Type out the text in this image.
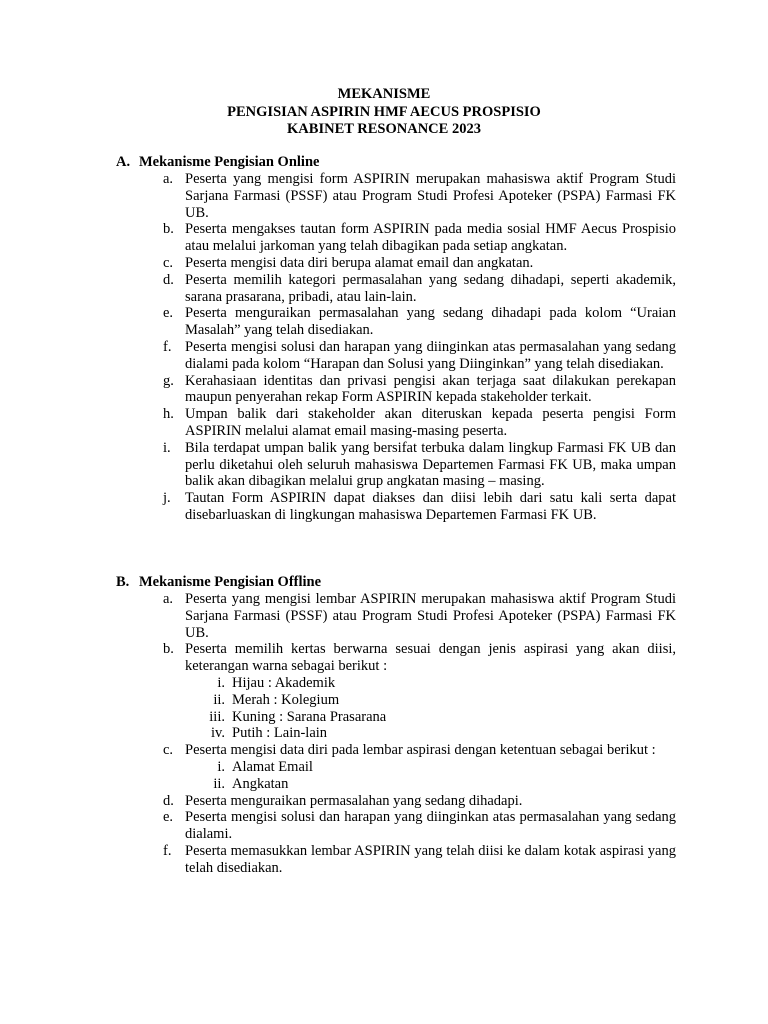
MEKANISME
PENGISIAN ASPIRIN HMF AECUS PROSPISIO
KABINET RESONANCE 2023
A. Mekanisme Pengisian Online
a. Peserta yang mengisi form ASPIRIN merupakan mahasiswa aktif Program Studi Sarjana Farmasi (PSSF) atau Program Studi Profesi Apoteker (PSPA) Farmasi FK UB.
b. Peserta mengakses tautan form ASPIRIN pada media sosial HMF Aecus Prospisio atau melalui jarkoman yang telah dibagikan pada setiap angkatan.
c. Peserta mengisi data diri berupa alamat email dan angkatan.
d. Peserta memilih kategori permasalahan yang sedang dihadapi, seperti akademik, sarana prasarana, pribadi, atau lain-lain.
e. Peserta menguraikan permasalahan yang sedang dihadapi pada kolom “Uraian Masalah” yang telah disediakan.
f. Peserta mengisi solusi dan harapan yang diinginkan atas permasalahan yang sedang dialami pada kolom “Harapan dan Solusi yang Diinginkan” yang telah disediakan.
g. Kerahasiaan identitas dan privasi pengisi akan terjaga saat dilakukan perekapan maupun penyerahan rekap Form ASPIRIN kepada stakeholder terkait.
h. Umpan balik dari stakeholder akan diteruskan kepada peserta pengisi Form ASPIRIN melalui alamat email masing-masing peserta.
i. Bila terdapat umpan balik yang bersifat terbuka dalam lingkup Farmasi FK UB dan perlu diketahui oleh seluruh mahasiswa Departemen Farmasi FK UB, maka umpan balik akan dibagikan melalui grup angkatan masing – masing.
j. Tautan Form ASPIRIN dapat diakses dan diisi lebih dari satu kali serta dapat disebarluaskan di lingkungan mahasiswa Departemen Farmasi FK UB.
B. Mekanisme Pengisian Offline
a. Peserta yang mengisi lembar ASPIRIN merupakan mahasiswa aktif Program Studi Sarjana Farmasi (PSSF) atau Program Studi Profesi Apoteker (PSPA) Farmasi FK UB.
b. Peserta memilih kertas berwarna sesuai dengan jenis aspirasi yang akan diisi, keterangan warna sebagai berikut :
i. Hijau : Akademik
ii. Merah : Kolegium
iii. Kuning : Sarana Prasarana
iv. Putih : Lain-lain
c. Peserta mengisi data diri pada lembar aspirasi dengan ketentuan sebagai berikut :
i. Alamat Email
ii. Angkatan
d. Peserta menguraikan permasalahan yang sedang dihadapi.
e. Peserta mengisi solusi dan harapan yang diinginkan atas permasalahan yang sedang dialami.
f. Peserta memasukkan lembar ASPIRIN yang telah diisi ke dalam kotak aspirasi yang telah disediakan.
